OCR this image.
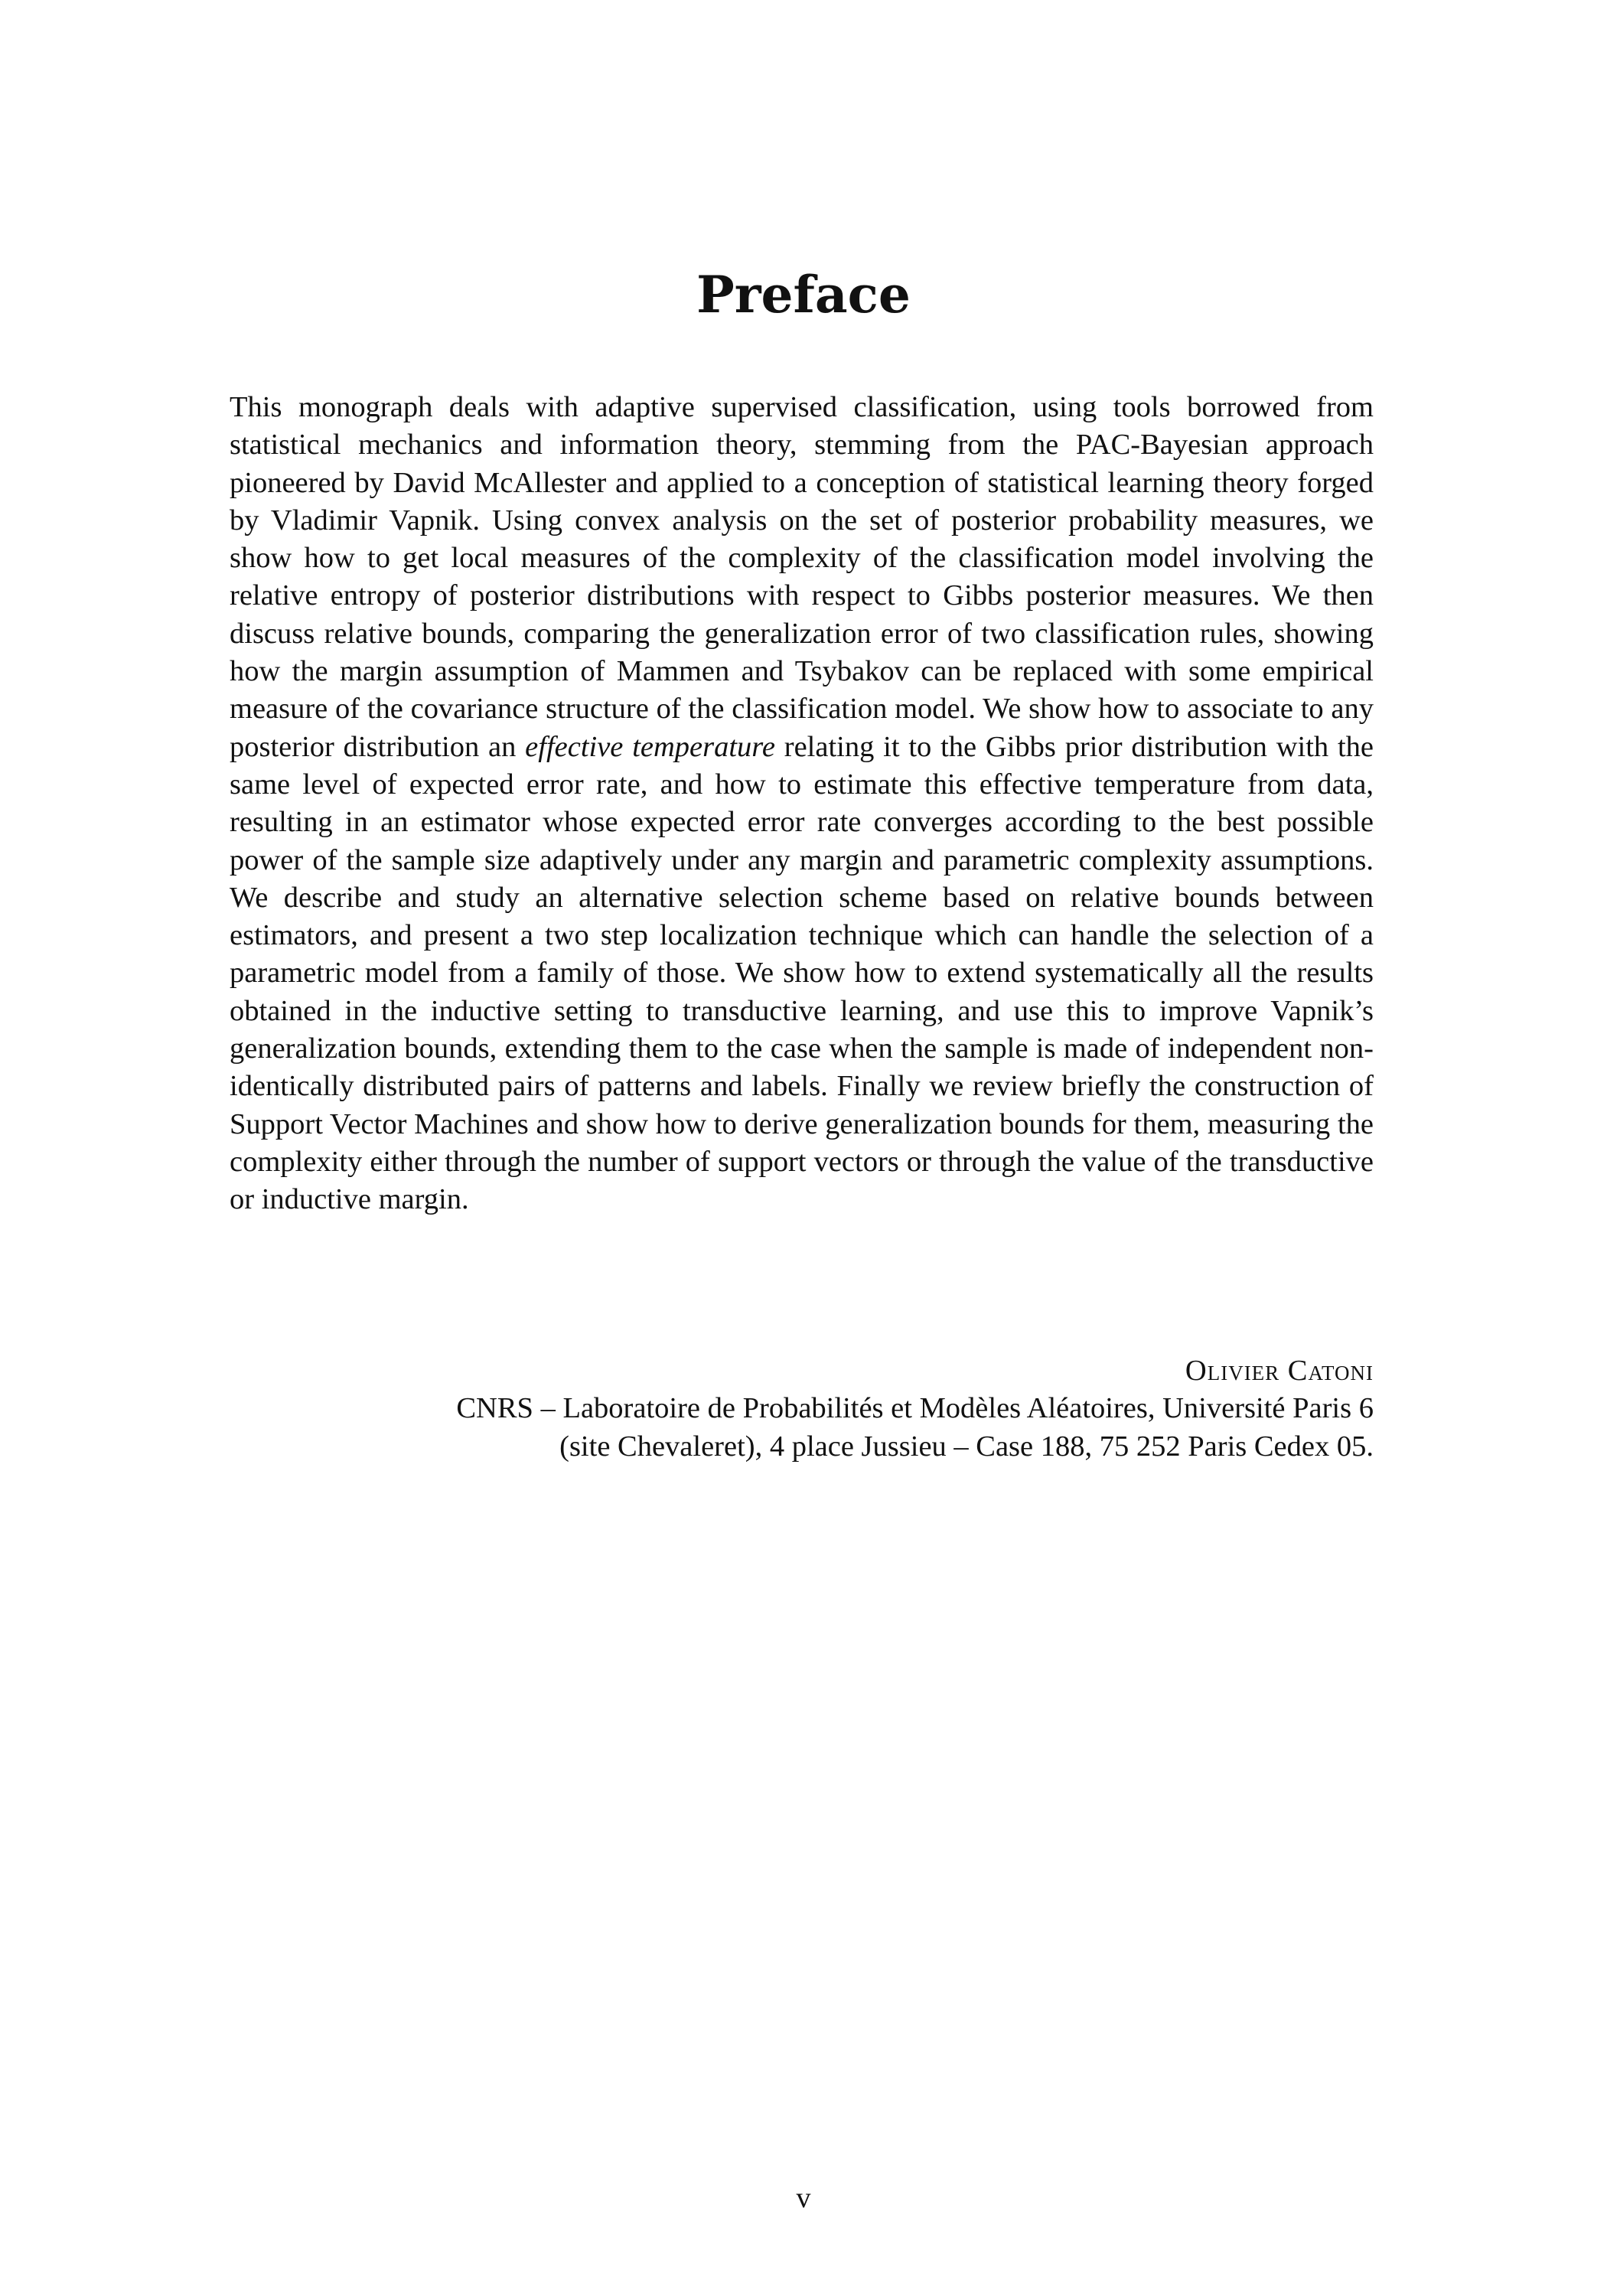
Preface

This monograph deals with adaptive supervised classification, using tools borrowed from statistical mechanics and information theory, stemming from the PAC-Bayesian approach pioneered by David McAllester and applied to a conception of statistical learning theory forged by Vladimir Vapnik. Using convex analysis on the set of posterior probability measures, we show how to get local measures of the complexity of the classification model involving the relative entropy of posterior distributions with respect to Gibbs posterior measures. We then discuss relative bounds, comparing the generalization error of two classification rules, showing how the margin assumption of Mammen and Tsybakov can be replaced with some empirical measure of the covariance structure of the classification model. We show how to associate to any posterior distribution an effective temperature relating it to the Gibbs prior distribution with the same level of expected error rate, and how to estimate this effective temperature from data, resulting in an estimator whose expected error rate converges according to the best possible power of the sample size adaptively under any margin and parametric complexity assumptions. We describe and study an alternative selection scheme based on relative bounds between estimators, and present a two step localization technique which can handle the selection of a parametric model from a family of those. We show how to extend systematically all the results obtained in the inductive setting to transductive learning, and use this to improve Vapnik’s generalization bounds, extending them to the case when the sample is made of independent non-identically distributed pairs of patterns and labels. Finally we review briefly the construction of Support Vector Machines and show how to derive generalization bounds for them, measuring the complexity either through the number of support vectors or through the value of the transductive or inductive margin.

Olivier Catoni
CNRS – Laboratoire de Probabilités et Modèles Aléatoires, Université Paris 6
(site Chevaleret), 4 place Jussieu – Case 188, 75 252 Paris Cedex 05.
v
